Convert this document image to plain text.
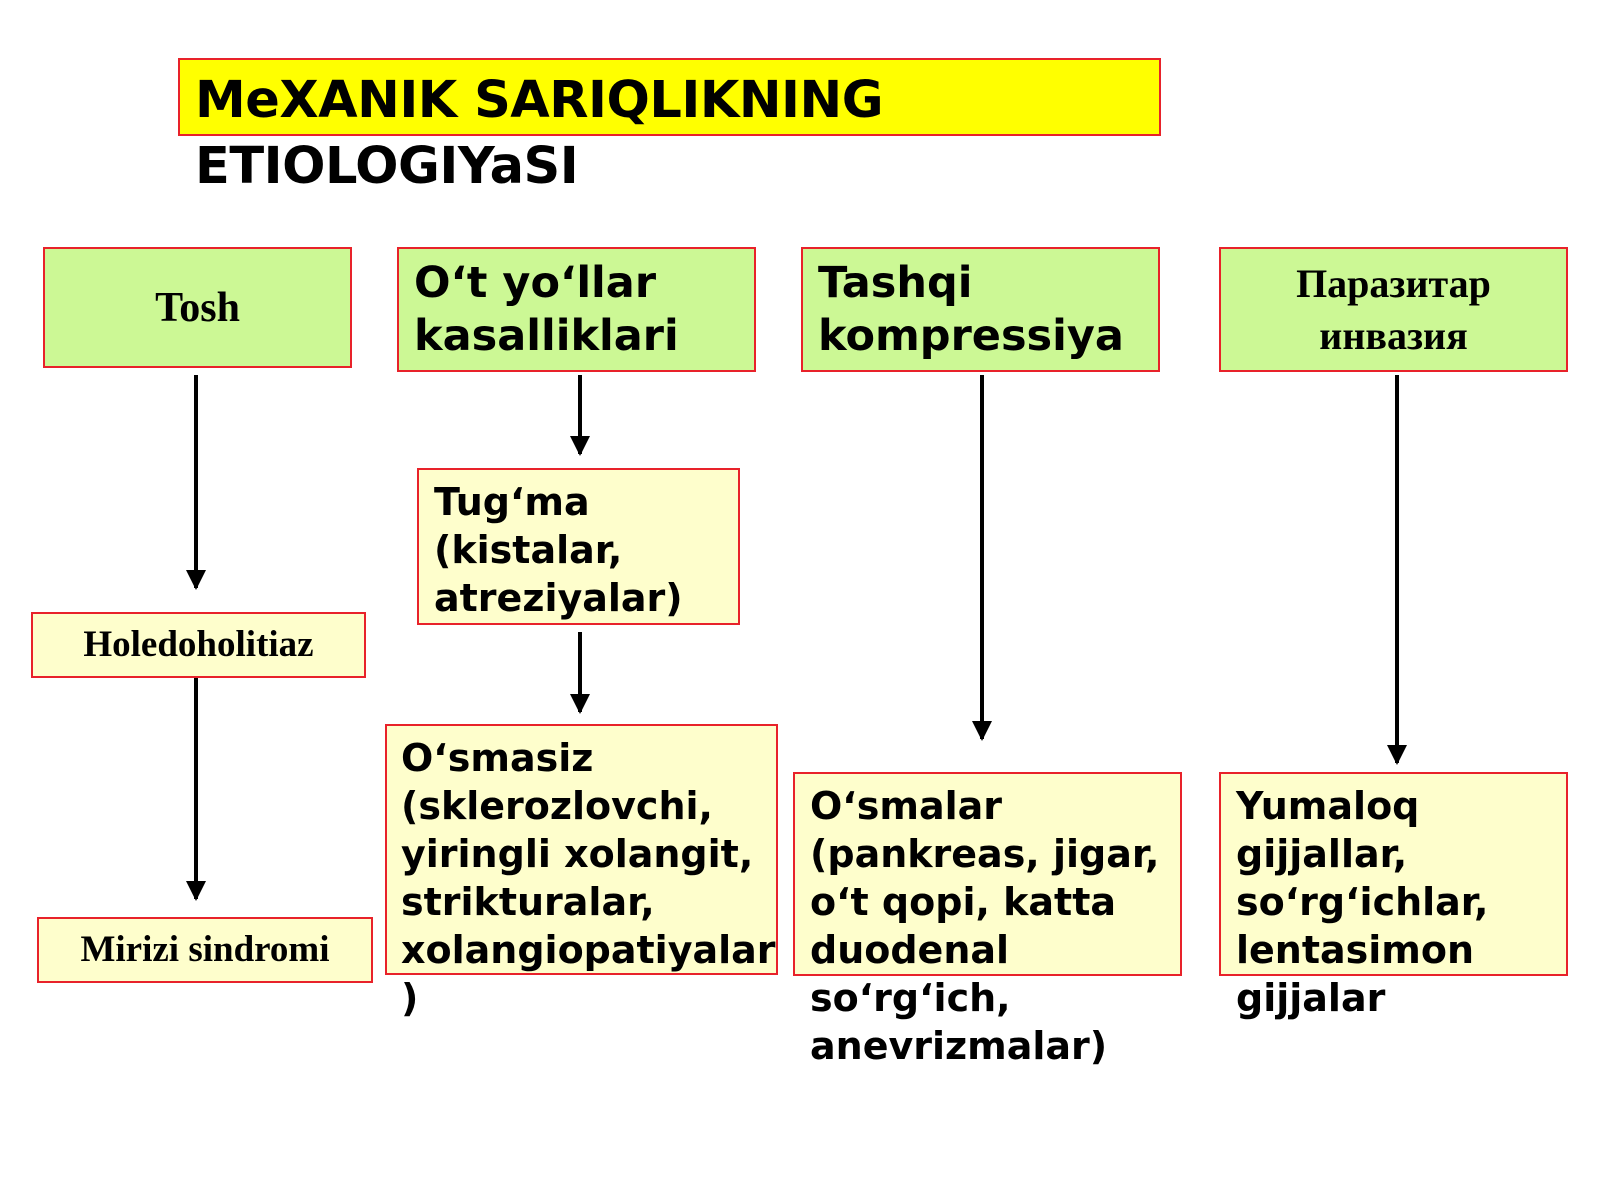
MeXANIK SARIQLIKNING
ETIOLOGIYaSI
Tosh	O‘t yo‘llar
kasalliklari
Tashqi
kompressiya
Паразитар
инвазия
Holedoholitiaz
Mirizi sindromi
Tug‘ma
(kistalar,
atreziyalar)
O‘smasiz
(sklerozlovchi,
yiringli xolangit,
strikturalar,
xolangiopatiyalar
)
O‘smalar
(pankreas, jigar,
o‘t qopi, katta
duodenal
so‘rg‘ich,
anevrizmalar)
Yumaloq
gijjallar,
so‘rg‘ichlar,
lentasimon
gijjalar
